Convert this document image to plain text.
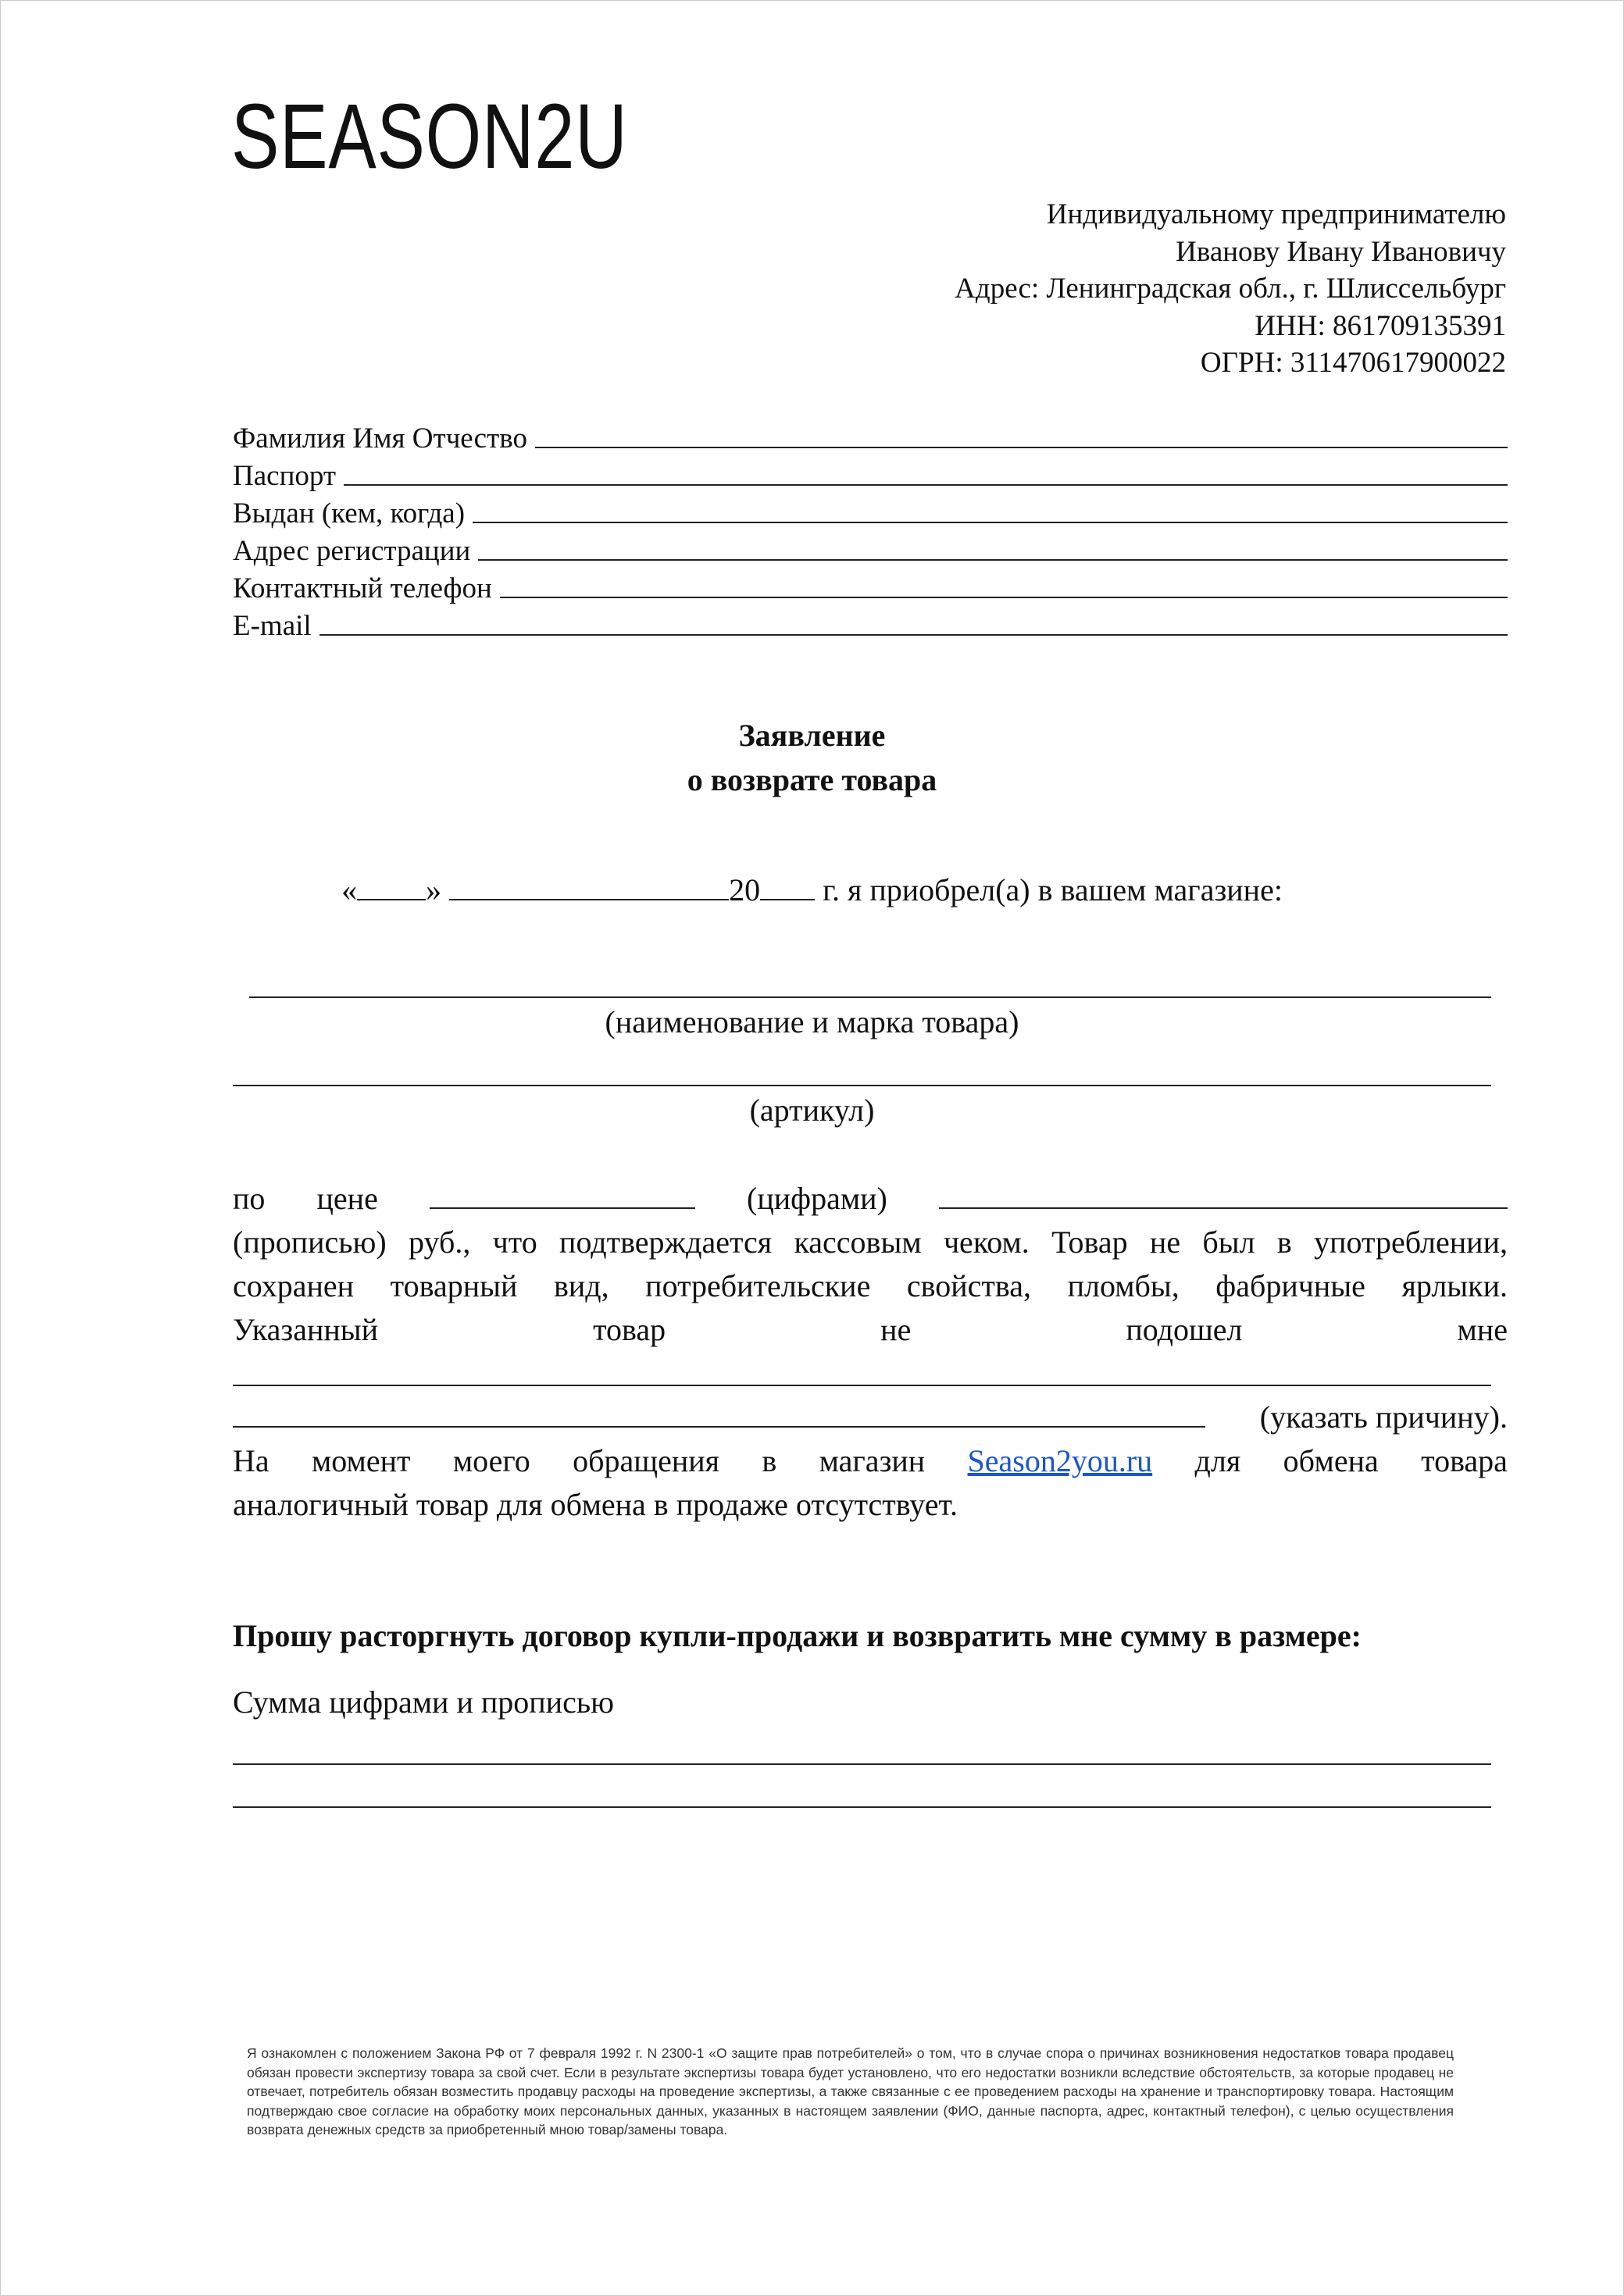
SEASON2U
Индивидуальному предпринимателю
Иванову Ивану Ивановичу
Адрес: Ленинградская обл., г. Шлиссельбург
ИНН: 861709135391
ОГРН: 311470617900022
Фамилия Имя Отчество
Паспорт
Выдан (кем, когда)
Адрес регистрации
Контактный телефон
E-mail
Заявление
о возврате товара
« »	20 г. я приобрел(а) в вашем магазине:
(наименование и марка товара)
(артикул)
по цене	(цифрами)
(прописью) руб., что подтверждается кассовым чеком. Товар не был в употреблении,
сохранен товарный вид, потребительские свойства, пломбы, фабричные ярлыки.
Указанный	товар	не	подошел	мне
(указать причину).
На момент моего обращения в магазин Season2you.ru для обмена товара
аналогичный товар для обмена в продаже отсутствует.
Прошу расторгнуть договор купли-продажи и возвратить мне сумму в размере:
Сумма цифрами и прописью
Я ознакомлен с положением Закона РФ от 7 февраля 1992 г. N 2300-1 «О защите прав потребителей» о том, что в случае спора о причинах возникновения недостатков товара продавец обязан провести экспертизу товара за свой счет. Если в результате экспертизы товара будет установлено, что его недостатки возникли вследствие обстоятельств, за которые продавец не отвечает, потребитель обязан возместить продавцу расходы на проведение экспертизы, а также связанные с ее проведением расходы на хранение и транспортировку товара. Настоящим подтверждаю свое согласие на обработку моих персональных данных, указанных в настоящем заявлении (ФИО, данные паспорта, адрес, контактный телефон), с целью осуществления возврата денежных средств за приобретенный мною товар/замены товара.
